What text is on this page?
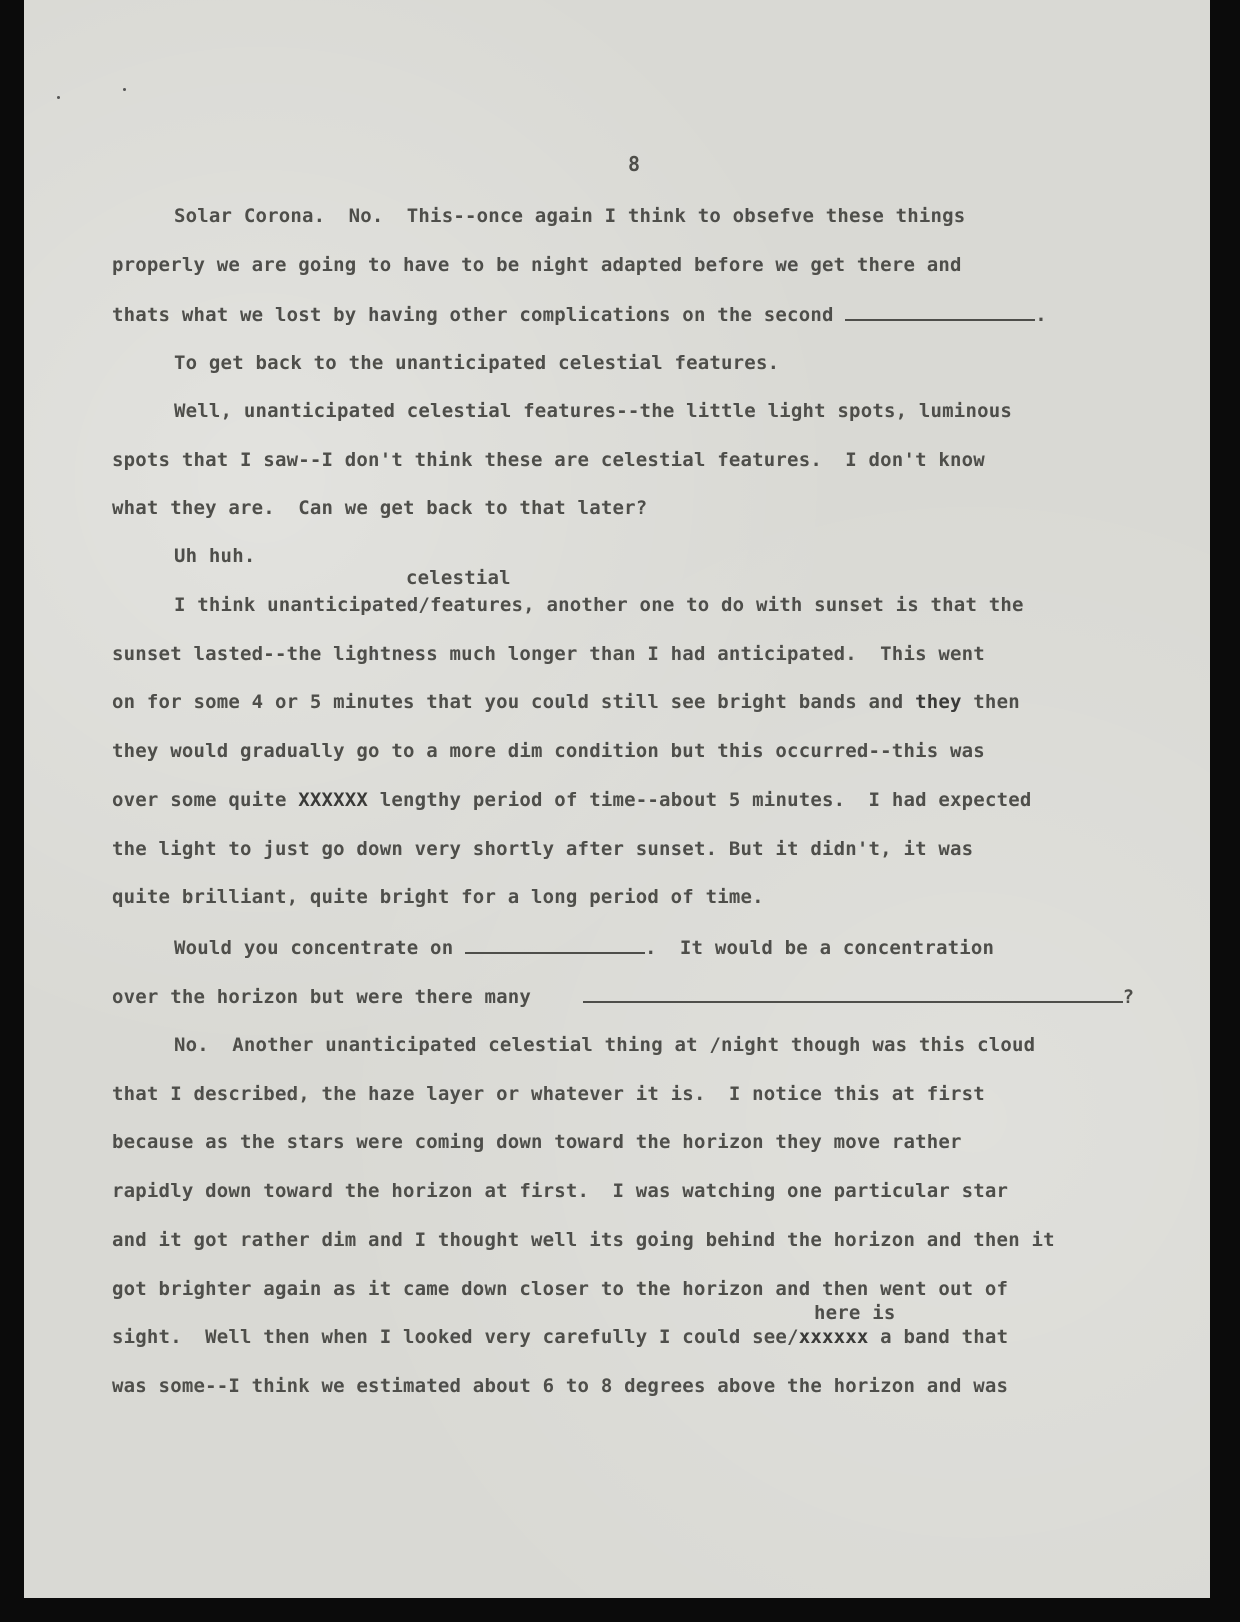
8
Solar Corona.  No.  This--once again I think to obsefve these things
properly we are going to have to be night adapted before we get there and
thats what we lost by having other complications on the second	.
To get back to the unanticipated celestial features.
Well, unanticipated celestial features--the little light spots, luminous
spots that I saw--I don't think these are celestial features.  I don't know
what they are.  Can we get back to that later?
Uh huh.
celestial
I think unanticipated/features, another one to do with sunset is that the
sunset lasted--the lightness much longer than I had anticipated.  This went
on for some 4 or 5 minutes that you could still see bright bands and they then
they would gradually go to a more dim condition but this occurred--this was
over some quite XXXXXX lengthy period of time--about 5 minutes.  I had expected
the light to just go down very shortly after sunset. But it didn't, it was
quite brilliant, quite bright for a long period of time.
Would you concentrate on	.  It would be a concentration
over the horizon but were there many	?
No.  Another unanticipated celestial thing at /night though was this cloud
that I described, the haze layer or whatever it is.  I notice this at first
because as the stars were coming down toward the horizon they move rather
rapidly down toward the horizon at first.  I was watching one particular star
and it got rather dim and I thought well its going behind the horizon and then it
got brighter again as it came down closer to the horizon and then went out of
here is
sight.  Well then when I looked very carefully I could see/xxxxxx a band that
was some--I think we estimated about 6 to 8 degrees above the horizon and was
